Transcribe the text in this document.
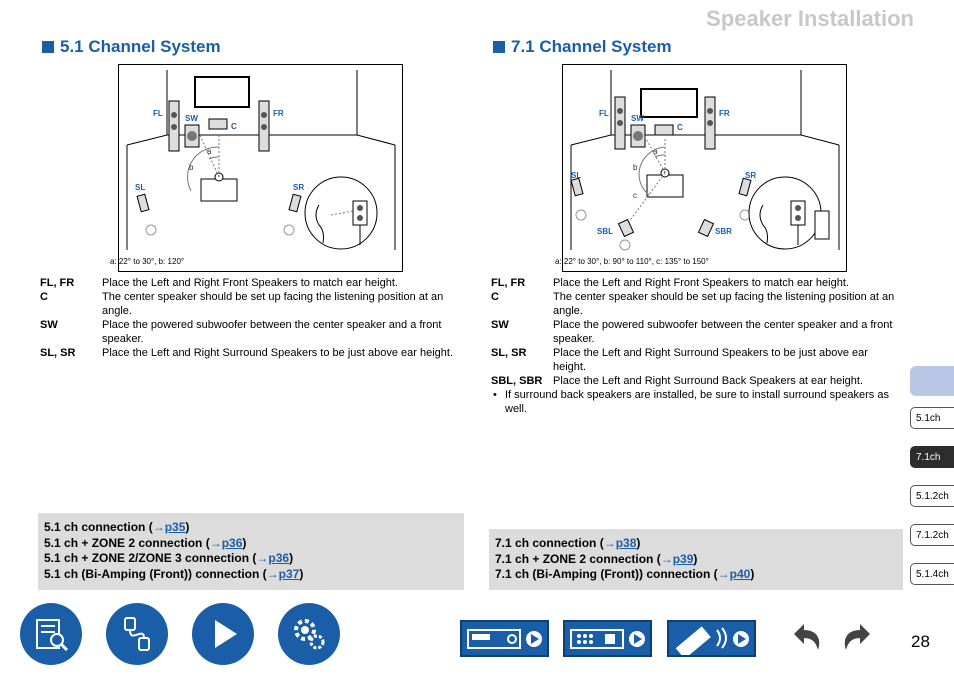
Speaker Installation
5.1 Channel System	7.1 Channel System
FL	FR
SW
C
SL	SR
a
b
a: 22° to 30°, b: 120°
FL	FR
SW
C
SL	SR
SBL	SBR
a
b
c
a: 22° to 30°, b: 90° to 110°, c: 135° to 150°
FL, FR	Place the Left and Right Front Speakers to match ear height.
C	The center speaker should be set up facing the listening position at an angle.
SW	Place the powered subwoofer between the center speaker and a front speaker.
SL, SR	Place the Left and Right Surround Speakers to be just above ear height.
FL, FR	Place the Left and Right Front Speakers to match ear height.
C	The center speaker should be set up facing the listening position at an angle.
SW	Place the powered subwoofer between the center speaker and a front speaker.
SL, SR	Place the Left and Right Surround Speakers to be just above ear height.
SBL, SBR Place the Left and Right Surround Back Speakers at ear height.
• If surround back speakers are installed, be sure to install surround speakers as well.
5.1 ch connection (→p35)
5.1 ch + ZONE 2 connection (→p36)
5.1 ch + ZONE 2/ZONE 3 connection (→p36)
5.1 ch (Bi-Amping (Front)) connection (→p37)
7.1 ch connection (→p38)
7.1 ch + ZONE 2 connection (→p39)
7.1 ch (Bi-Amping (Front)) connection (→p40)
5.1ch
7.1ch
5.1.2ch
7.1.2ch
5.1.4ch
28
